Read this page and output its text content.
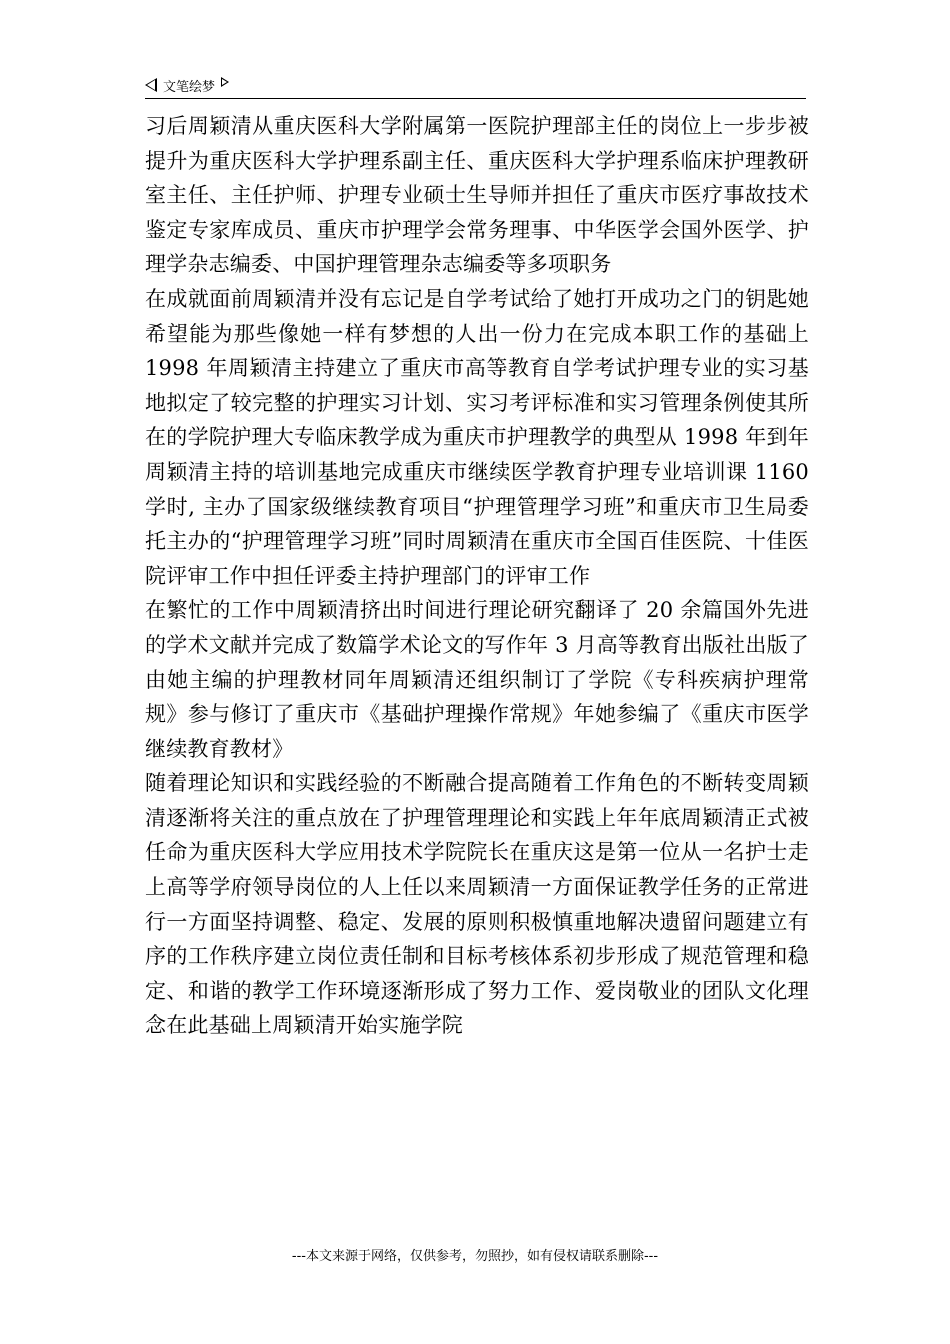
文笔绘梦

习后周颖清从重庆医科大学附属第一医院护理部主任的岗位上一步步被提升为重庆医科大学护理系副主任、重庆医科大学护理系临床护理教研室主任、主任护师、护理专业硕士生导师并担任了重庆市医疗事故技术鉴定专家库成员、重庆市护理学会常务理事、中华医学会国外医学、护理学杂志编委、中国护理管理杂志编委等多项职务

在成就面前周颖清并没有忘记是自学考试给了她打开成功之门的钥匙她希望能为那些像她一样有梦想的人出一份力在完成本职工作的基础上 1998 年周颖清主持建立了重庆市高等教育自学考试护理专业的实习基地拟定了较完整的护理实习计划、实习考评标准和实习管理条例使其所在的学院护理大专临床教学成为重庆市护理教学的典型从 1998 年到年周颖清主持的培训基地完成重庆市继续医学教育护理专业培训课 1160 学时, 主办了国家级继续教育项目“护理管理学习班”和重庆市卫生局委托主办的“护理管理学习班”同时周颖清在重庆市全国百佳医院、十佳医院评审工作中担任评委主持护理部门的评审工作

在繁忙的工作中周颖清挤出时间进行理论研究翻译了 20 余篇国外先进的学术文献并完成了数篇学术论文的写作年 3 月高等教育出版社出版了由她主编的护理教材同年周颖清还组织制订了学院《专科疾病护理常规》参与修订了重庆市《基础护理操作常规》年她参编了《重庆市医学继续教育教材》

随着理论知识和实践经验的不断融合提高随着工作角色的不断转变周颖清逐渐将关注的重点放在了护理管理理论和实践上年年底周颖清正式被任命为重庆医科大学应用技术学院院长在重庆这是第一位从一名护士走上高等学府领导岗位的人上任以来周颖清一方面保证教学任务的正常进行一方面坚持调整、稳定、发展的原则积极慎重地解决遗留问题建立有序的工作秩序建立岗位责任制和目标考核体系初步形成了规范管理和稳定、和谐的教学工作环境逐渐形成了努力工作、爱岗敬业的团队文化理念在此基础上周颖清开始实施学院

---本文来源于网络，仅供参考，勿照抄，如有侵权请联系删除---
